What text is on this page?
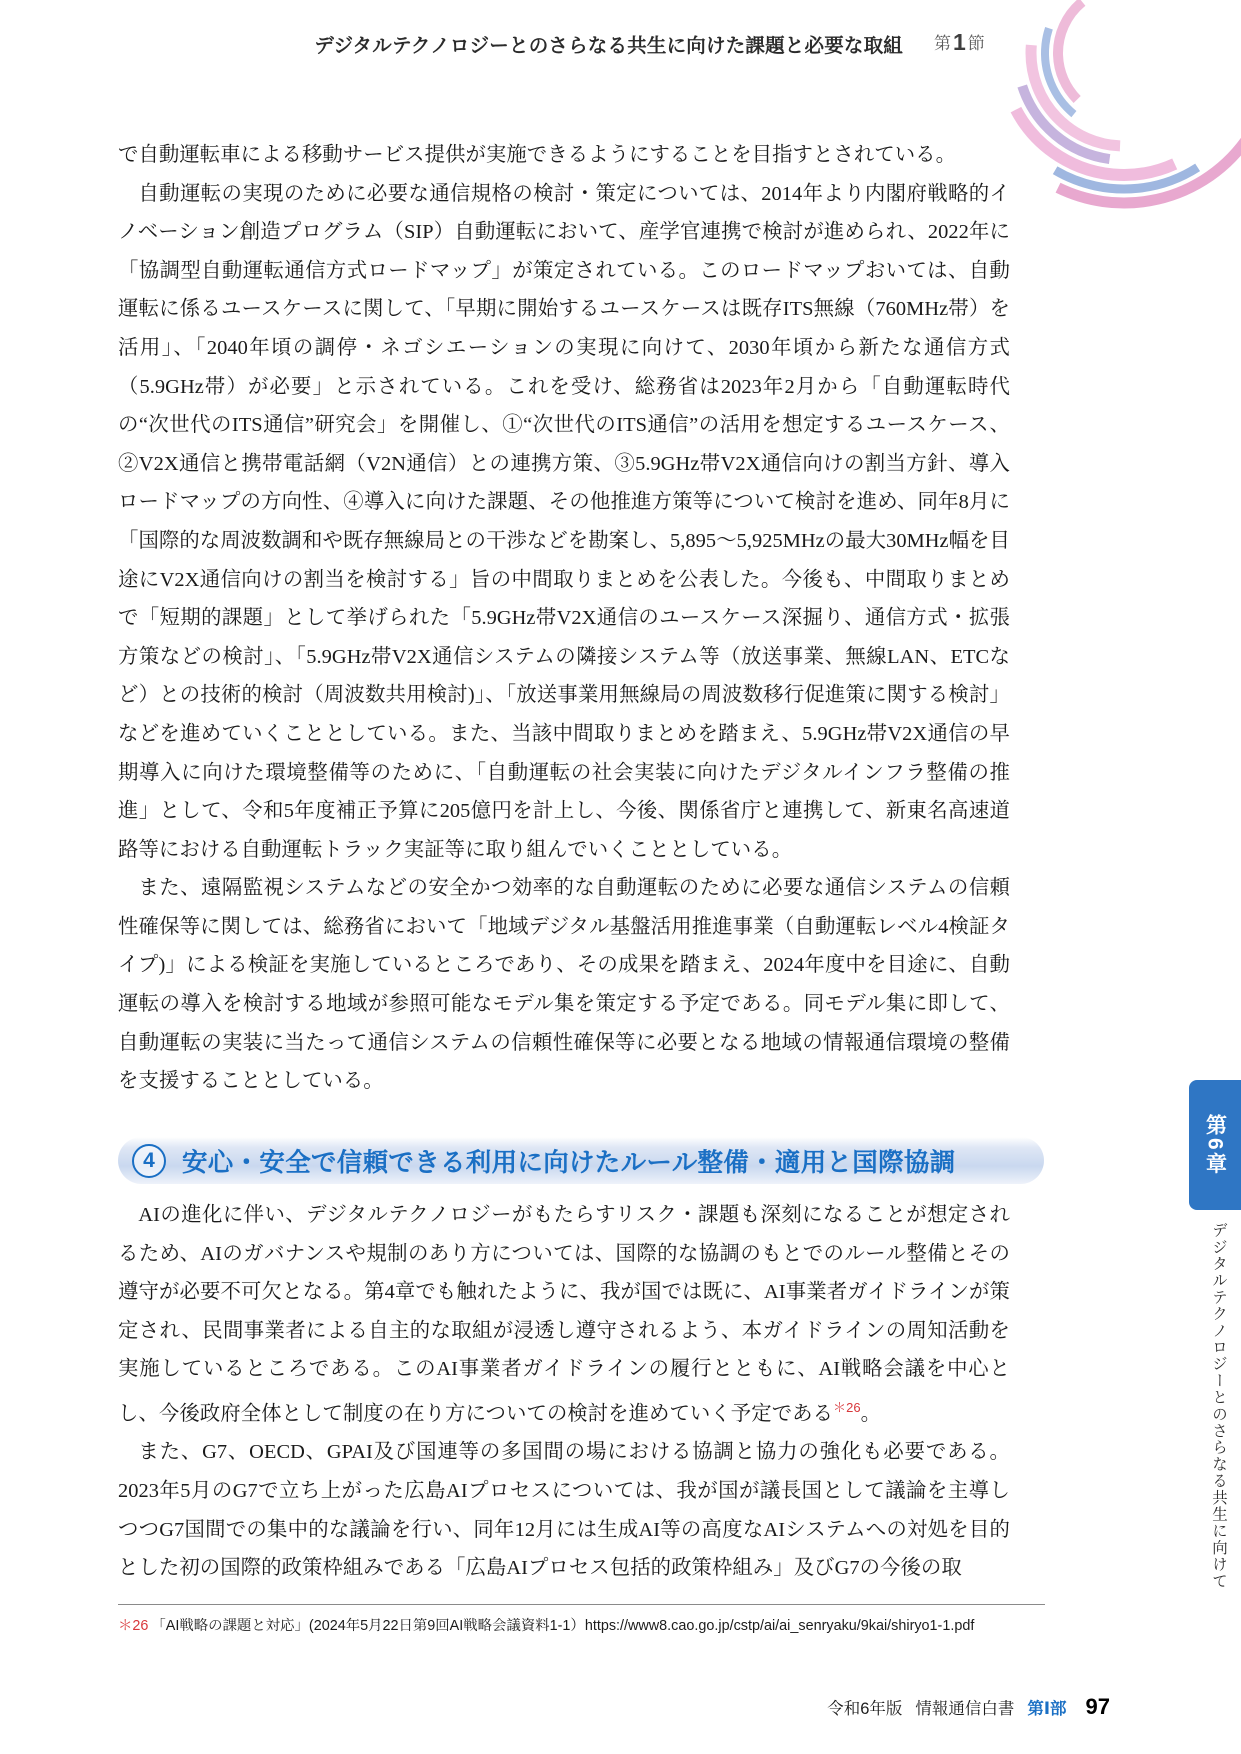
デジタルテクノロジーとのさらなる共生に向けた課題と必要な取組 第1 節

で自動運転車による移動サービス提供が実施できるようにすることを目指すとされている。

自動運転の実現のために必要な通信規格の検討・策定については、2014年より内閣府戦略的イノベーション創造プログラム（SIP）自動運転において、産学官連携で検討が進められ、2022年に「協調型自動運転通信方式ロードマップ」が策定されている。このロードマップおいては、自動運転に係るユースケースに関して、「早期に開始するユースケースは既存ITS無線（760MHz帯）を活用」、「2040年頃の調停・ネゴシエーションの実現に向けて、2030年頃から新たな通信方式（5.9GHz帯）が必要」と示されている。これを受け、総務省は2023年2月から「自動運転時代の“次世代のITS通信”研究会」を開催し、①“次世代のITS通信”の活用を想定するユースケース、②V2X通信と携帯電話網（V2N通信）との連携方策、③5.9GHz帯V2X通信向けの割当方針、導入ロードマップの方向性、④導入に向けた課題、その他推進方策等について検討を進め、同年8月に「国際的な周波数調和や既存無線局との干渉などを勘案し、5,895～5,925MHzの最大30MHz幅を目途にV2X通信向けの割当を検討する」旨の中間取りまとめを公表した。今後も、中間取りまとめで「短期的課題」として挙げられた「5.9GHz帯V2X通信のユースケース深掘り、通信方式・拡張方策などの検討」、「5.9GHz帯V2X通信システムの隣接システム等（放送事業、無線LAN、ETCなど）との技術的検討（周波数共用検討)」、「放送事業用無線局の周波数移行促進策に関する検討」などを進めていくこととしている。また、当該中間取りまとめを踏まえ、5.9GHz帯V2X通信の早期導入に向けた環境整備等のために、「自動運転の社会実装に向けたデジタルインフラ整備の推進」として、令和5年度補正予算に205億円を計上し、今後、関係省庁と連携して、新東名高速道路等における自動運転トラック実証等に取り組んでいくこととしている。

また、遠隔監視システムなどの安全かつ効率的な自動運転のために必要な通信システムの信頼性確保等に関しては、総務省において「地域デジタル基盤活用推進事業（自動運転レベル4検証タイプ)」による検証を実施しているところであり、その成果を踏まえ、2024年度中を目途に、自動運転の導入を検討する地域が参照可能なモデル集を策定する予定である。同モデル集に即して、自動運転の実装に当たって通信システムの信頼性確保等に必要となる地域の情報通信環境の整備を支援することとしている。

4	安心・安全で信頼できる利用に向けたルール整備・適用と国際協調

AIの進化に伴い、デジタルテクノロジーがもたらすリスク・課題も深刻になることが想定されるため、AIのガバナンスや規制のあり方については、国際的な協調のもとでのルール整備とその遵守が必要不可欠となる。第4章でも触れたように、我が国では既に、AI事業者ガイドラインが策定され、民間事業者による自主的な取組が浸透し遵守されるよう、本ガイドラインの周知活動を実施しているところである。このAI事業者ガイドラインの履行とともに、AI戦略会議を中心とし、今後政府全体として制度の在り方についての検討を進めていく予定である$^{*26}$。

また、G7、OECD、GPAI及び国連等の多国間の場における協調と協力の強化も必要である。2023年5月のG7で立ち上がった広島AIプロセスについては、我が国が議長国として議論を主導しつつG7国間での集中的な議論を行い、同年12月には生成AI等の高度なAIシステムへの対処を目的とした初の国際的政策枠組みである「広島AIプロセス包括的政策枠組み」及びG7の今後の取

＊26 「AI戦略の課題と対応」(2024年5月22日第9回AI戦略会議資料1-1）https://www8.cao.go.jp/cstp/ai/ai_senryaku/9kai/shiryo1-1.pdf
令和6年版 情報通信白書 第Ⅰ部 97
第6章
デジタルテクノロジーとのさらなる共生に向けて
